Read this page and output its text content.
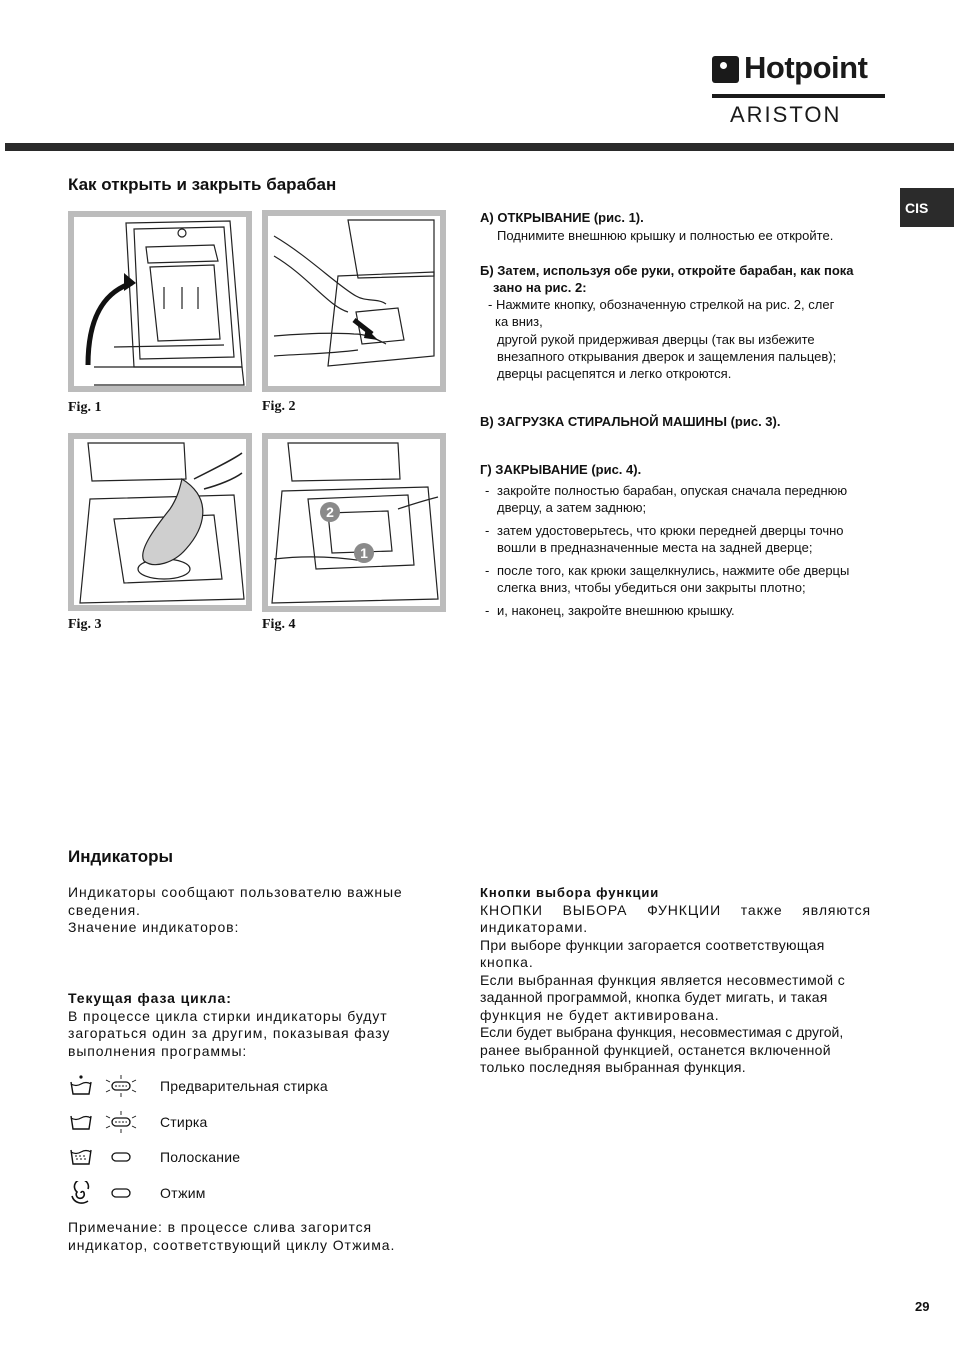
Hotpoint
ARISTON
CIS
Как открыть и закрыть барабан
Fig. 1	Fig. 2
Fig. 3
2
1
Fig. 4
А) ОТКРЫВАНИЕ (рис. 1).
Поднимите внешнюю крышку и полностью ее откройте.
Б) Затем, используя обе руки, откройте барабан, как пока
зано на рис. 2:
- Нажмите кнопку, обозначенную стрелкой на рис. 2, слег
ка вниз,
другой рукой придерживая дверцы (так вы избежите
внезапного открывания дверок и защемления пальцев);
дверцы расцепятся и легко откроются.
В) ЗАГРУЗКА СТИРАЛЬНОЙ МАШИНЫ (рис. 3).
Г) ЗАКРЫВАНИЕ (рис. 4).
- закройте полностью барабан, опуская сначала переднюю
дверцу, а затем заднюю;
- затем удостоверьтесь, что крюки передней дверцы точно
вошли в предназначенные места на задней дверце;
- после того, как крюки защелкнулись, нажмите обе дверцы
слегка вниз, чтобы убедиться они закрыты плотно;
- и, наконец, закройте внешнюю крышку.
Индикаторы
Индикаторы сообщают пользователю важные
сведения.
Значение индикаторов:
Текущая фаза цикла:
В процессе цикла стирки индикаторы будут
загораться один за другим, показывая фазу
выполнения программы:
Предварительная стирка
Стирка
Полоскание
Отжим
Примечание: в процессе слива загорится
индикатор, соответствующий циклу Отжима.
Кнопки выбора функции
КНОПКИ ВЫБОРА ФУНКЦИИ также являются
индикаторами.
При выборе функции загорается соответствующая
кнопка.
Если выбранная функция является несовместимой с
заданной программой, кнопка будет мигать, и такая
функция не будет активирована.
Если будет выбрана функция, несовместимая с другой,
ранее выбранной функцией, останется включенной
только последняя выбранная функция.
29
